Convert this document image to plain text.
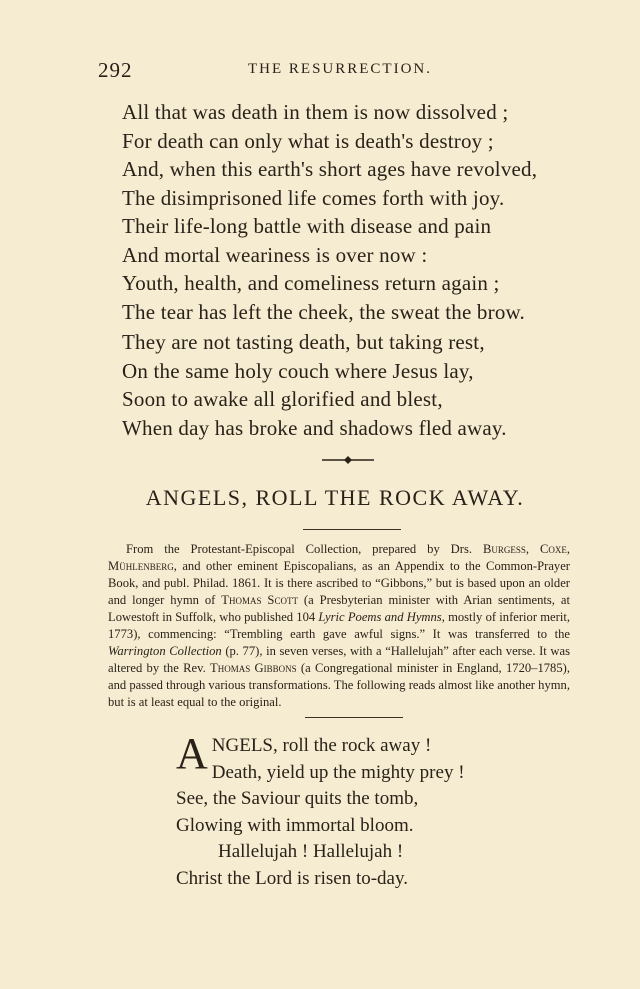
292	THE RESURRECTION.
All that was death in them is now dissolved ;
For death can only what is death's destroy ;
And, when this earth's short ages have revolved,
The disimprisoned life comes forth with joy.
Their life-long battle with disease and pain
And mortal weariness is over now :
Youth, health, and comeliness return again ;
The tear has left the cheek, the sweat the brow.
They are not tasting death, but taking rest,
On the same holy couch where Jesus lay,
Soon to awake all glorified and blest,
When day has broke and shadows fled away.
ANGELS, ROLL THE ROCK AWAY.
From the Protestant-Episcopal Collection, prepared by Drs. Burgess, Coxe, Mühlenberg, and other eminent Episcopalians, as an Appendix to the Common-Prayer Book, and publ. Philad. 1861. It is there ascribed to “Gibbons,” but is based upon an older and longer hymn of Thomas Scott (a Presbyterian minister with Arian sentiments, at Lowestoft in Suffolk, who published 104 Lyric Poems and Hymns, mostly of inferior merit, 1773), commencing: “Trembling earth gave awful signs.” It was transferred to the Warrington Collection (p. 77), in seven verses, with a “Hallelujah” after each verse. It was altered by the Rev. Thomas Gibbons (a Congregational minister in England, 1720–1785), and passed through various transformations. The following reads almost like another hymn, but is at least equal to the original.
A NGELS, roll the rock away !
Death, yield up the mighty prey !
See, the Saviour quits the tomb,
Glowing with immortal bloom.
Hallelujah ! Hallelujah !
Christ the Lord is risen to-day.
